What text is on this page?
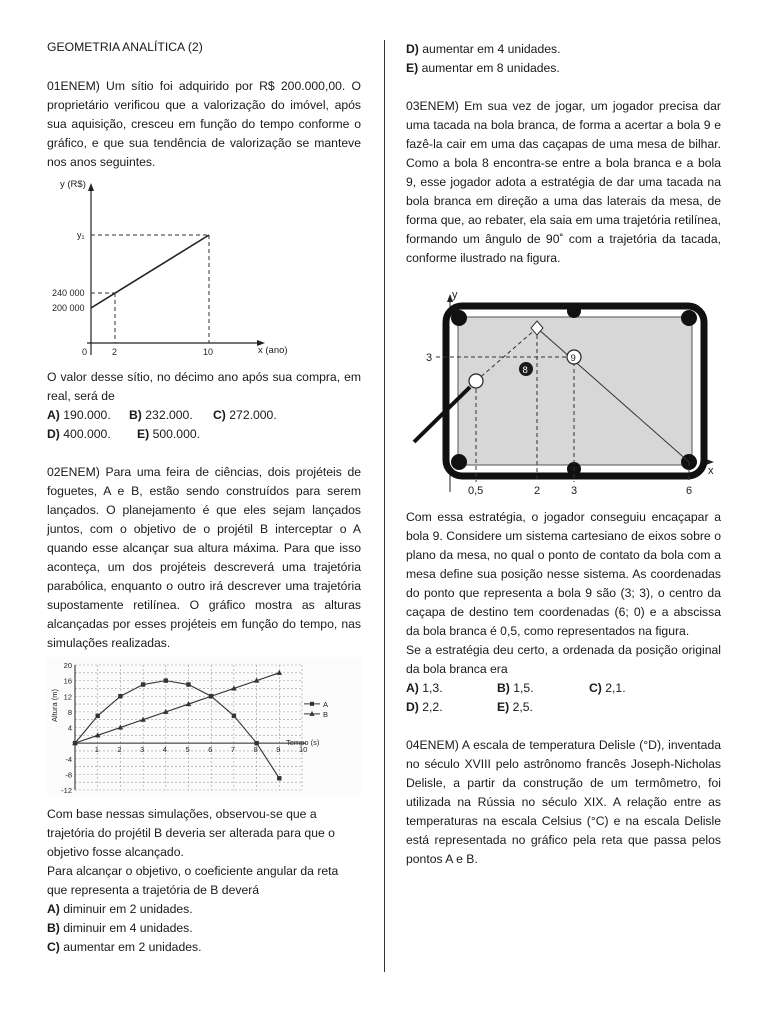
GEOMETRIA ANALÍTICA (2)

01ENEM) Um sítio foi adquirido por R$ 200.000,00. O proprietário verificou que a valorização do imóvel, após sua aquisição, cresceu em função do tempo conforme o gráfico, e que sua tendência de valorização se manteve nos anos seguintes.

y (R$)
x (ano)
y₁
240 000
200 000
0	2	10

O valor desse sítio, no décimo ano após sua compra, em real, será de

A) 190.000. B) 232.000. C) 272.000.
D) 400.000. E) 500.000.

02ENEM) Para uma feira de ciências, dois projéteis de foguetes, A e B, estão sendo construídos para serem lançados. O planejamento é que eles sejam lançados juntos, com o objetivo de o projétil B interceptar o A quando esse alcançar sua altura máxima. Para que isso aconteça, um dos projéteis descreverá uma trajetória parabólica, enquanto o outro irá descrever uma trajetória supostamente retilínea. O gráfico mostra as alturas alcançadas por esses projéteis em função do tempo, nas simulações realizadas.

1 2 3 4 5 6 7 8 9 10
20
16
12
8
4
-4
-8
-12
Tempo (s)
Altura (m)	A
B

Com base nessas simulações, observou-se que a trajetória do projétil B deveria ser alterada para que o objetivo fosse alcançado.

Para alcançar o objetivo, o coeficiente angular da reta que representa a trajetória de B deverá

A) diminuir em 2 unidades.
B) diminuir em 4 unidades.
C) aumentar em 2 unidades.
D) aumentar em 4 unidades.
E) aumentar em 8 unidades.

03ENEM) Em sua vez de jogar, um jogador precisa dar uma tacada na bola branca, de forma a acertar a bola 9 e fazê-la cair em uma das caçapas de uma mesa de bilhar. Como a bola 8 encontra-se entre a bola branca e a bola 9, esse jogador adota a estratégia de dar uma tacada na bola branca em direção a uma das laterais da mesa, de forma que, ao rebater, ela saia em uma trajetória retilínea, formando um ângulo de 90˚ com a trajetória da tacada, conforme ilustrado na figura.

8
9
y
x
3
0,5	2	3	6

Com essa estratégia, o jogador conseguiu encaçapar a bola 9. Considere um sistema cartesiano de eixos sobre o plano da mesa, no qual o ponto de contato da bola com a mesa define sua posição nesse sistema. As coordenadas do ponto que representa a bola 9 são (3; 3), o centro da caçapa de destino tem coordenadas (6; 0) e a abscissa da bola branca é 0,5, como representados na figura.

Se a estratégia deu certo, a ordenada da posição original da bola branca era

A) 1,3.	B) 1,5.	C) 2,1.
D) 2,2.	E) 2,5.

04ENEM) A escala de temperatura Delisle (°D), inventada no século XVIII pelo astrônomo francês Joseph-Nicholas Delisle, a partir da construção de um termômetro, foi utilizada na Rússia no século XIX. A relação entre as temperaturas na escala Celsius (°C) e na escala Delisle está representada no gráfico pela reta que passa pelos pontos A e B.
